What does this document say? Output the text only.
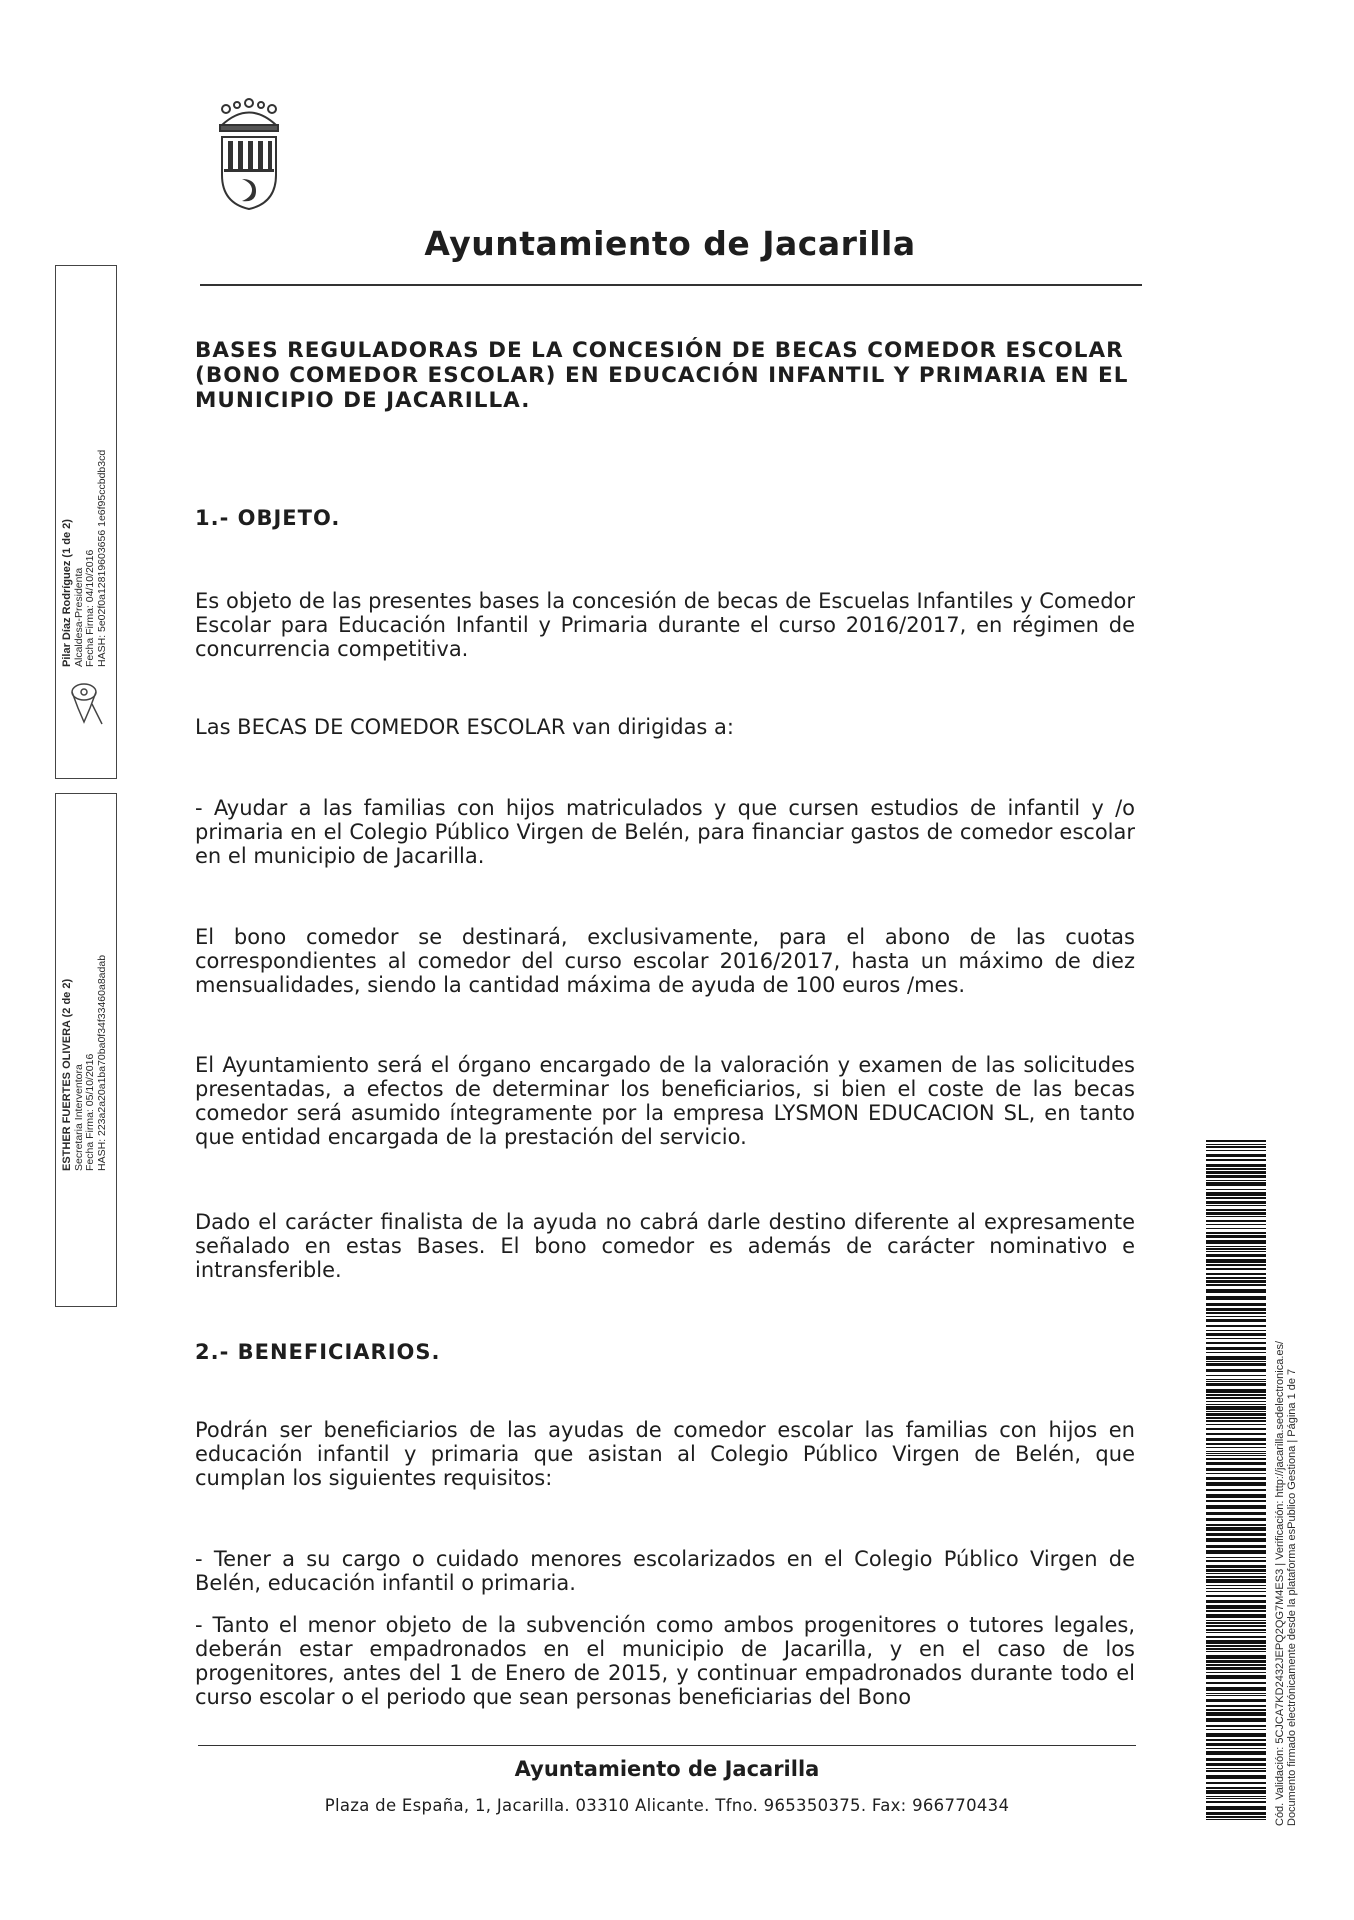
Ayuntamiento de Jacarilla
BASES REGULADORAS DE LA CONCESIÓN DE BECAS COMEDOR ESCOLAR
(BONO COMEDOR ESCOLAR) EN EDUCACIÓN INFANTIL Y PRIMARIA EN EL
MUNICIPIO DE JACARILLA.
1.- OBJETO.
Es objeto de las presentes bases la concesión de becas de Escuelas Infantiles y Comedor Escolar para Educación Infantil y Primaria durante el curso 2016/2017, en régimen de concurrencia competitiva.
Las BECAS DE COMEDOR ESCOLAR van dirigidas a:
- Ayudar a las familias con hijos matriculados y que cursen estudios de infantil y /o primaria en el Colegio Público Virgen de Belén, para financiar gastos de comedor escolar en el municipio de Jacarilla.
El bono comedor se destinará, exclusivamente, para el abono de las cuotas correspondientes al comedor del curso escolar 2016/2017, hasta un máximo de diez mensualidades, siendo la cantidad máxima de ayuda de 100 euros /mes.
El Ayuntamiento será el órgano encargado de la valoración y examen de las solicitudes presentadas, a efectos de determinar los beneficiarios, si bien el coste de las becas comedor será asumido íntegramente por la empresa LYSMON EDUCACION SL, en tanto que entidad encargada de la prestación del servicio.
Dado el carácter finalista de la ayuda no cabrá darle destino diferente al expresamente señalado en estas Bases. El bono comedor es además de carácter nominativo e intransferible.
2.- BENEFICIARIOS.
Podrán ser beneficiarios de las ayudas de comedor escolar las familias con hijos en educación infantil y primaria que asistan al Colegio Público Virgen de Belén, que cumplan los siguientes requisitos:
- Tener a su cargo o cuidado menores escolarizados en el Colegio Público Virgen de Belén, educación infantil o primaria.
- Tanto el menor objeto de la subvención como ambos progenitores o tutores legales, deberán estar empadronados en el municipio de Jacarilla, y en el caso de los progenitores, antes del 1 de Enero de 2015, y continuar empadronados durante todo el curso escolar o el periodo que sean personas beneficiarias del Bono
Pilar Díaz Rodríguez (1 de 2) Alcaldesa-Presidenta Fecha Firma: 04/10/2016 HASH: 5e02f0a12819603656 1e6f95ccbdb3cd
ESTHER FUERTES OLIVERA (2 de 2) Secretaria Interventora Fecha Firma: 05/10/2016 HASH: 223a2a20a1ba70ba0f34f33460a8adab
Cód. Validación: 5CJCA7KD2432JEPQ2QG7M4ES3 | Verificación: http://jacarilla.sedelectronica.es/ Documento firmado electrónicamente desde la plataforma esPublico Gestiona | Página 1 de 7
Ayuntamiento de Jacarilla
Plaza de España, 1, Jacarilla. 03310 Alicante. Tfno. 965350375. Fax: 966770434
